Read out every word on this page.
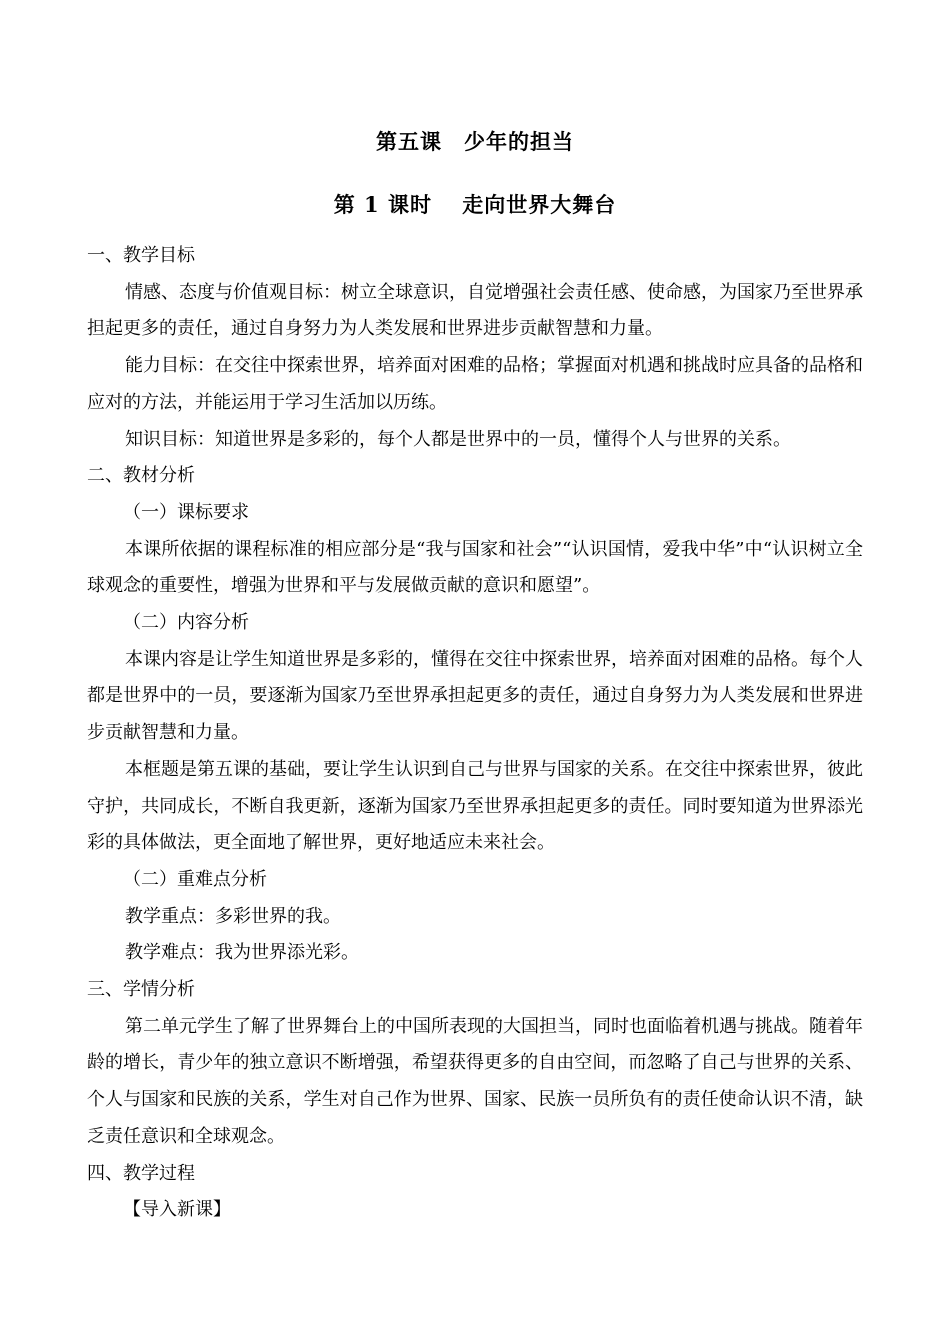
第五课　少年的担当
第 1 课时　 走向世界大舞台

一、教学目标

情感、态度与价值观目标：树立全球意识，自觉增强社会责任感、使命感，为国家乃至世界承担起更多的责任，通过自身努力为人类发展和世界进步贡献智慧和力量。

能力目标：在交往中探索世界，培养面对困难的品格；掌握面对机遇和挑战时应具备的品格和应对的方法，并能运用于学习生活加以历练。

知识目标：知道世界是多彩的，每个人都是世界中的一员，懂得个人与世界的关系。

二、教材分析

（一）课标要求

本课所依据的课程标准的相应部分是“我与国家和社会”“认识国情，爱我中华”中“认识树立全球观念的重要性，增强为世界和平与发展做贡献的意识和愿望”。

（二）内容分析

本课内容是让学生知道世界是多彩的，懂得在交往中探索世界，培养面对困难的品格。每个人都是世界中的一员，要逐渐为国家乃至世界承担起更多的责任，通过自身努力为人类发展和世界进步贡献智慧和力量。

本框题是第五课的基础，要让学生认识到自己与世界与国家的关系。在交往中探索世界，彼此守护，共同成长，不断自我更新，逐渐为国家乃至世界承担起更多的责任。同时要知道为世界添光彩的具体做法，更全面地了解世界，更好地适应未来社会。

（二）重难点分析

教学重点：多彩世界的我。

教学难点：我为世界添光彩。

三、学情分析

第二单元学生了解了世界舞台上的中国所表现的大国担当，同时也面临着机遇与挑战。随着年龄的增长，青少年的独立意识不断增强，希望获得更多的自由空间，而忽略了自己与世界的关系、个人与国家和民族的关系，学生对自己作为世界、国家、民族一员所负有的责任使命认识不清，缺乏责任意识和全球观念。

四、教学过程

【导入新课】
